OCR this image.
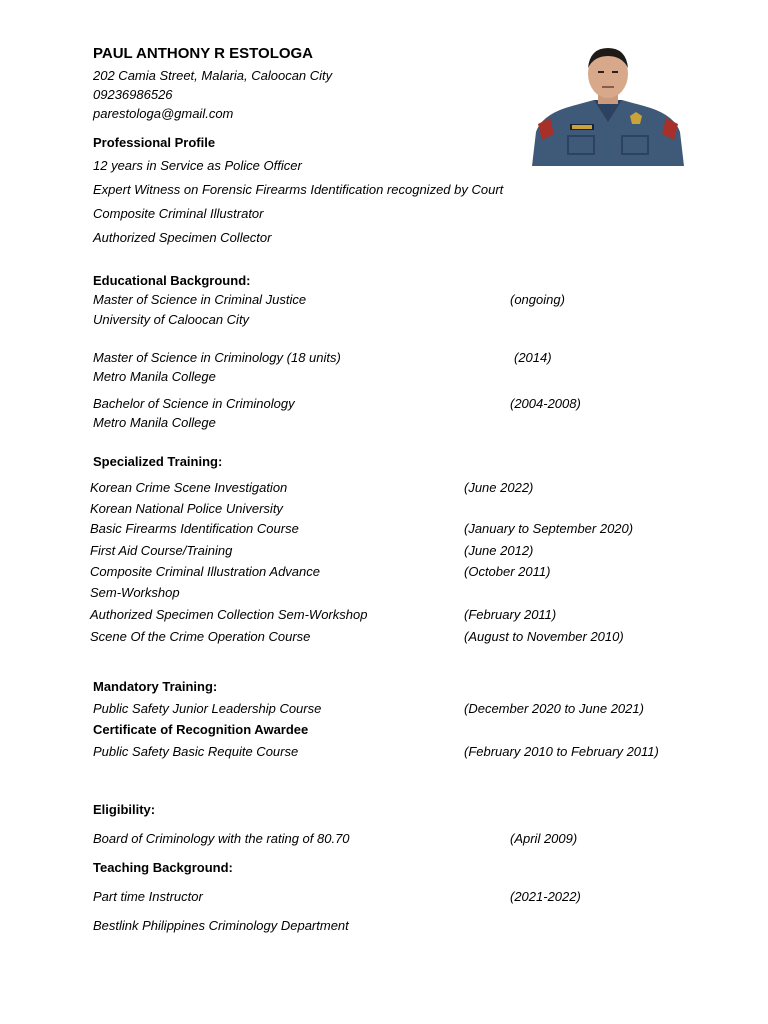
PAUL ANTHONY R ESTOLOGA
202 Camia Street, Malaria, Caloocan City
09236986526
parestologa@gmail.com
Professional Profile
12 years in Service as Police Officer
Expert Witness on Forensic Firearms Identification recognized by Court
Composite Criminal Illustrator
Authorized Specimen Collector
Educational Background:
Master of Science in Criminal Justice	(ongoing)
University of Caloocan City
Master of Science in Criminology (18 units)	(2014)
Metro Manila College
Bachelor of Science in Criminology	(2004-2008)
Metro Manila College
Specialized Training:
Korean Crime Scene Investigation	(June 2022)
Korean National Police University
Basic Firearms Identification Course	(January to September 2020)
First Aid Course/Training	(June 2012)
Composite Criminal Illustration Advance	(October 2011)
Sem-Workshop
Authorized Specimen Collection Sem-Workshop	(February 2011)
Scene Of the Crime Operation Course	(August to November 2010)
Mandatory Training:
Public Safety Junior Leadership Course	(December 2020 to June 2021)
Certificate of Recognition Awardee
Public Safety Basic Requite Course	(February 2010 to February 2011)
Eligibility:
Board of Criminology with the rating of 80.70	(April 2009)
Teaching Background:
Part time Instructor	(2021-2022)
Bestlink Philippines Criminology Department
